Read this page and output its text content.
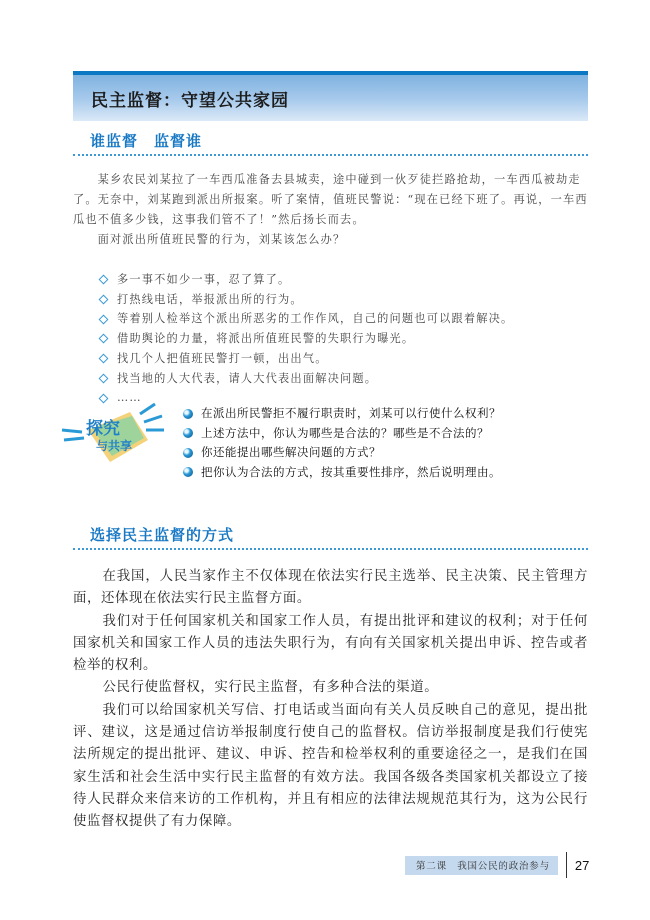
民主监督：守望公共家园
谁监督　监督谁

某乡农民刘某拉了一车西瓜准备去县城卖，途中碰到一伙歹徒拦路抢劫，一车西瓜被劫走了。无奈中，刘某跑到派出所报案。听了案情，值班民警说：“现在已经下班了。再说，一车西瓜也不值多少钱，这事我们管不了！”然后扬长而去。

面对派出所值班民警的行为，刘某该怎么办？

多一事不如少一事，忍了算了。
打热线电话，举报派出所的行为。
等着别人检举这个派出所恶劣的工作作风，自己的问题也可以跟着解决。
借助舆论的力量，将派出所值班民警的失职行为曝光。
找几个人把值班民警打一顿，出出气。
找当地的人大代表，请人大代表出面解决问题。
……
探究
与共享
在派出所民警拒不履行职责时，刘某可以行使什么权利？
上述方法中，你认为哪些是合法的？哪些是不合法的？
你还能提出哪些解决问题的方式？
把你认为合法的方式，按其重要性排序，然后说明理由。
选择民主监督的方式

在我国，人民当家作主不仅体现在依法实行民主选举、民主决策、民主管理方面，还体现在依法实行民主监督方面。

我们对于任何国家机关和国家工作人员，有提出批评和建议的权利；对于任何国家机关和国家工作人员的违法失职行为，有向有关国家机关提出申诉、控告或者检举的权利。

公民行使监督权，实行民主监督，有多种合法的渠道。

我们可以给国家机关写信、打电话或当面向有关人员反映自己的意见，提出批评、建议，这是通过信访举报制度行使自己的监督权。信访举报制度是我们行使宪法所规定的提出批评、建议、申诉、控告和检举权利的重要途径之一，是我们在国家生活和社会生活中实行民主监督的有效方法。我国各级各类国家机关都设立了接待人民群众来信来访的工作机构，并且有相应的法律法规规范其行为，这为公民行使监督权提供了有力保障。

第二课　我国公民的政治参与	27
